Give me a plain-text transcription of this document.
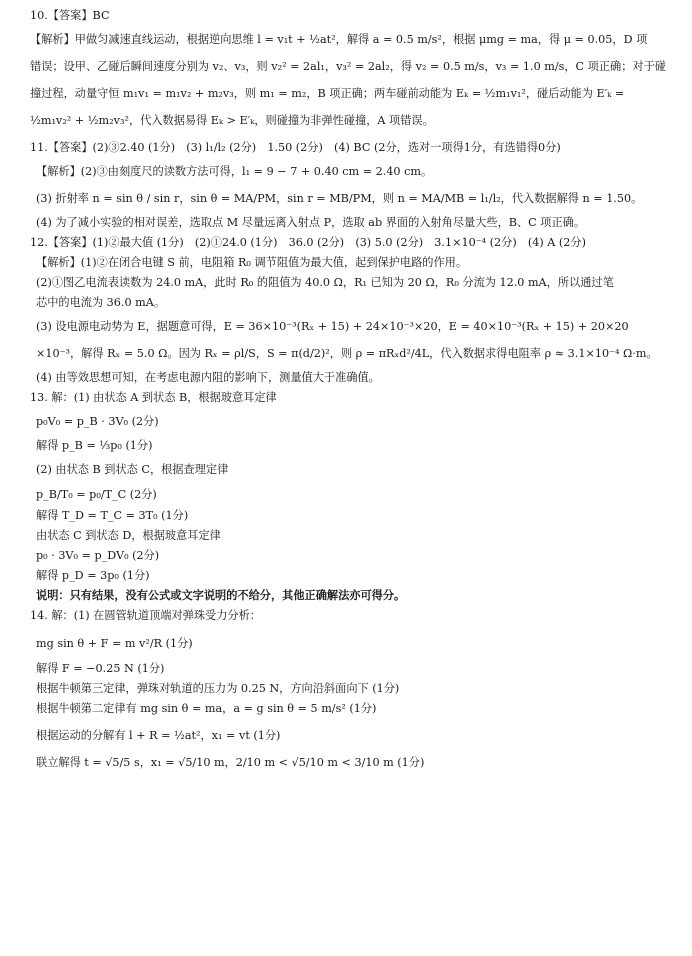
10.【答案】BC
【解析】甲做匀减速直线运动，根据逆向思维 l = v₁t + ½at²，解得 a = 0.5 m/s²，根据 μmg = ma，得 μ = 0.05，D 项
错误；设甲、乙碰后瞬间速度分别为 v₂、v₃，则 v₂² = 2al₁，v₃² = 2al₂，得 v₂ = 0.5 m/s，v₃ = 1.0 m/s，C 项正确；对于碰
撞过程，动量守恒 m₁v₁ = m₁v₂ + m₂v₃，则 m₁ = m₂，B 项正确；两车碰前动能为 Eₖ = ½m₁v₁²，碰后动能为 E′ₖ =
½m₁v₂² + ½m₂v₃²，代入数据易得 Eₖ > E′ₖ，则碰撞为非弹性碰撞，A 项错误。
11.【答案】(2)③2.40 (1分)　(3) l₁/l₂ (2分)　1.50 (2分)　(4) BC (2分，选对一项得1分，有选错得0分)
【解析】(2)③由刻度尺的读数方法可得，l₁ = 9 − 7 + 0.40 cm = 2.40 cm。
(3) 折射率 n = sin θ / sin r，sin θ = MA/PM，sin r = MB/PM，则 n = MA/MB = l₁/l₂，代入数据解得 n = 1.50。
(4) 为了减小实验的相对误差，选取点 M 尽量远离入射点 P，选取 ab 界面的入射角尽量大些，B、C 项正确。
12.【答案】(1)②最大值 (1分)　(2)①24.0 (1分)　36.0 (2分)　(3) 5.0 (2分)　3.1×10⁻⁴ (2分)　(4) A (2分)
【解析】(1)②在闭合电键 S 前，电阻箱 R₀ 调节阻值为最大值，起到保护电路的作用。
(2)①图乙电流表读数为 24.0 mA，此时 R₀ 的阻值为 40.0 Ω，R₁ 已知为 20 Ω，R₀ 分流为 12.0 mA，所以通过笔
芯中的电流为 36.0 mA。
(3) 设电源电动势为 E，据题意可得，E = 36×10⁻³(Rₓ + 15) + 24×10⁻³×20，E = 40×10⁻³(Rₓ + 15) + 20×20
×10⁻³，解得 Rₓ = 5.0 Ω。因为 Rₓ = ρl/S，S = π(d/2)²，则 ρ = πRₓd²/4L，代入数据求得电阻率 ρ ≈ 3.1×10⁻⁴ Ω·m。
(4) 由等效思想可知，在考虑电源内阻的影响下，测量值大于准确值。
13. 解：(1) 由状态 A 到状态 B，根据玻意耳定律
p₀V₀ = p_B · 3V₀ (2分)
解得 p_B = ⅓p₀ (1分)
(2) 由状态 B 到状态 C，根据查理定律
p_B/T₀ = p₀/T_C (2分)
解得 T_D = T_C = 3T₀ (1分)
由状态 C 到状态 D，根据玻意耳定律
p₀ · 3V₀ = p_DV₀ (2分)
解得 p_D = 3p₀ (1分)
说明：只有结果，没有公式或文字说明的不给分，其他正确解法亦可得分。
14. 解：(1) 在圆管轨道顶端对弹珠受力分析：
mg sin θ + F = m v²/R (1分)
解得 F = −0.25 N (1分)
根据牛顿第三定律，弹珠对轨道的压力为 0.25 N，方向沿斜面向下 (1分)
根据牛顿第二定律有 mg sin θ = ma，a = g sin θ = 5 m/s² (1分)
根据运动的分解有 l + R = ½at²，x₁ = vt (1分)
联立解得 t = √5/5 s，x₁ = √5/10 m，2/10 m < √5/10 m < 3/10 m (1分)
